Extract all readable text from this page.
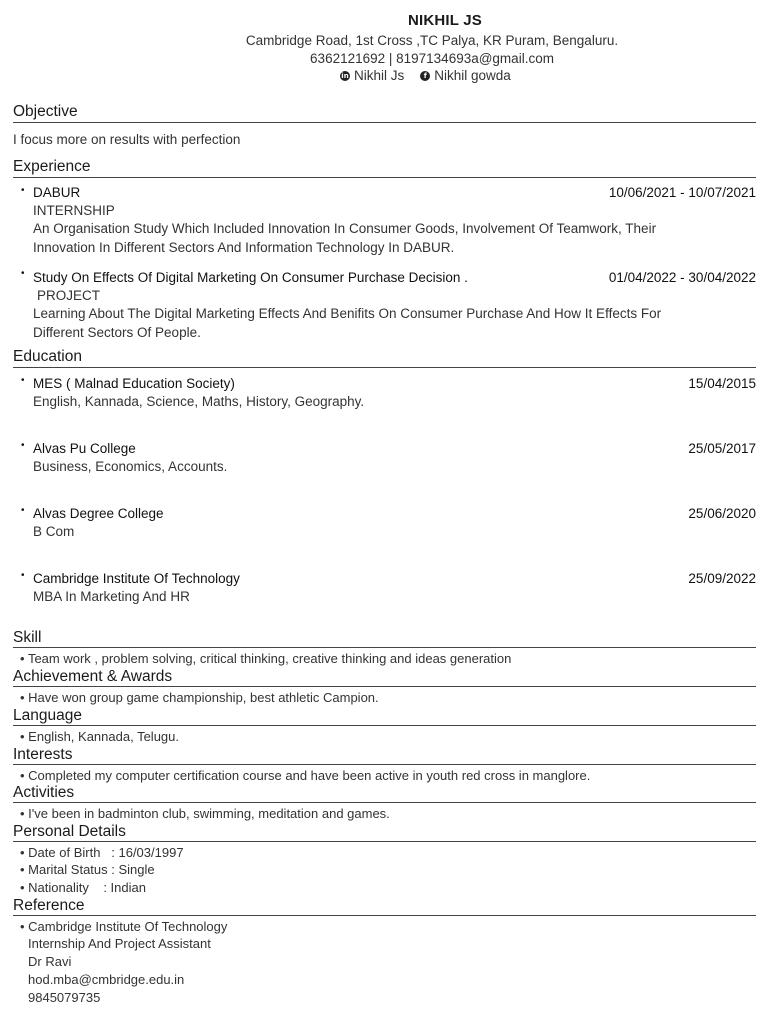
NIKHIL JS
Cambridge Road, 1st Cross ,TC Palya, KR Puram, Bengaluru.
6362121692 | 8197134693a@gmail.com
in Nikhil Js	f Nikhil gowda
Objective
I focus more on results with perfection
Experience
• DABUR	10/06/2021 - 10/07/2021
INTERNSHIP
An Organisation Study Which Included Innovation In Consumer Goods, Involvement Of Teamwork, Their
Innovation In Different Sectors And Information Technology In DABUR.
• Study On Effects Of Digital Marketing On Consumer Purchase Decision .	01/04/2022 - 30/04/2022
PROJECT
Learning About The Digital Marketing Effects And Benifits On Consumer Purchase And How It Effects For
Different Sectors Of People.
Education
• MES ( Malnad Education Society)	15/04/2015
English, Kannada, Science, Maths, History, Geography.
• Alvas Pu College	25/05/2017
Business, Economics, Accounts.
• Alvas Degree College	25/06/2020
B Com
• Cambridge Institute Of Technology	25/09/2022
MBA In Marketing And HR
Skill
• Team work , problem solving, critical thinking, creative thinking and ideas generation
Achievement & Awards
• Have won group game championship, best athletic Campion.
Language
• English, Kannada, Telugu.
Interests
• Completed my computer certification course and have been active in youth red cross in manglore.
Activities
• I've been in badminton club, swimming, meditation and games.
Personal Details
• Date of Birth   : 16/03/1997
• Marital Status : Single
• Nationality    : Indian
Reference
• Cambridge Institute Of Technology
Internship And Project Assistant
Dr Ravi
hod.mba@cmbridge.edu.in
9845079735
